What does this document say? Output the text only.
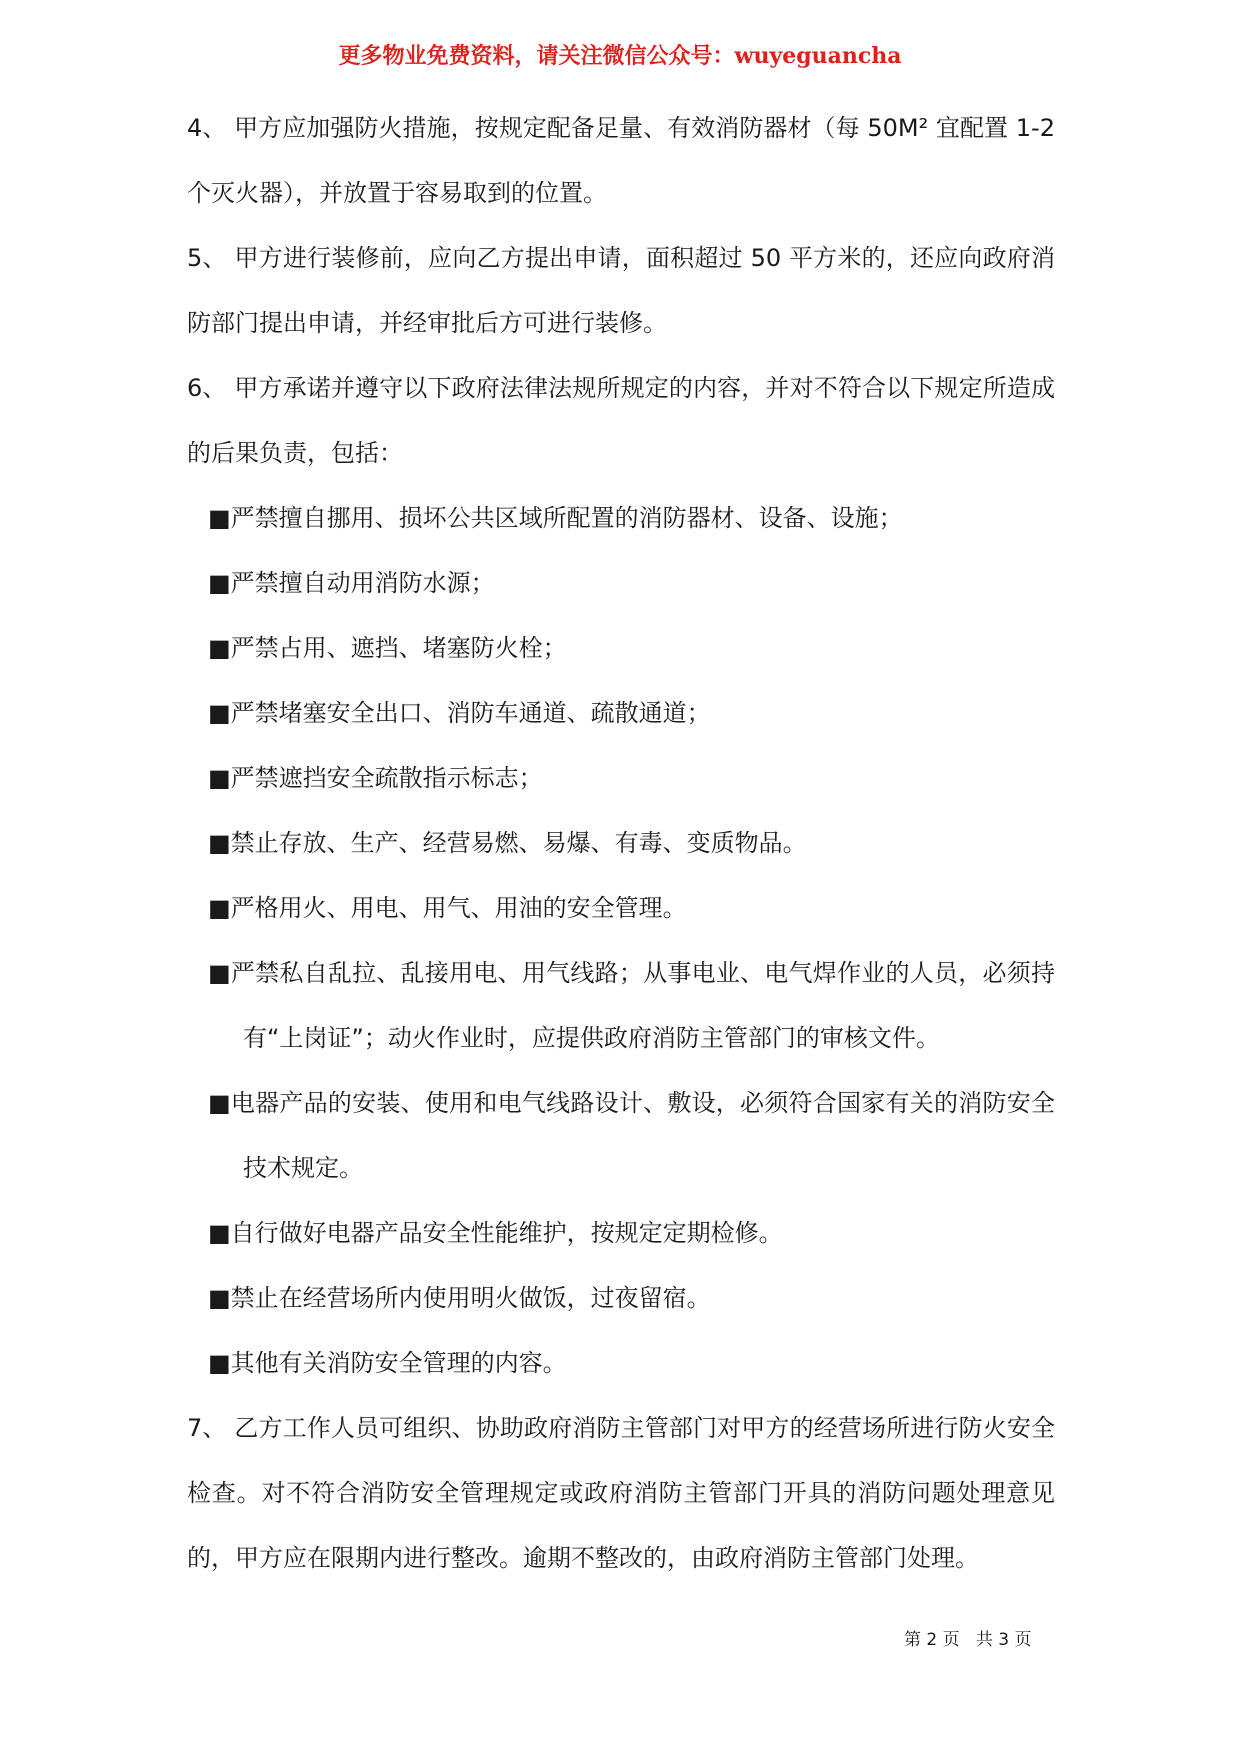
更多物业免费资料，请关注微信公众号：wuyeguancha

4、 甲方应加强防火措施，按规定配备足量、有效消防器材（每 50M² 宜配置 1-2 个灭火器），并放置于容易取到的位置。

5、 甲方进行装修前，应向乙方提出申请，面积超过 50 平方米的，还应向政府消防部门提出申请，并经审批后方可进行装修。

6、 甲方承诺并遵守以下政府法律法规所规定的内容，并对不符合以下规定所造成的后果负责，包括：

■严禁擅自挪用、损坏公共区域所配置的消防器材、设备、设施；

■严禁擅自动用消防水源；

■严禁占用、遮挡、堵塞防火栓；

■严禁堵塞安全出口、消防车通道、疏散通道；

■严禁遮挡安全疏散指示标志；

■禁止存放、生产、经营易燃、易爆、有毒、变质物品。

■严格用火、用电、用气、用油的安全管理。

■严禁私自乱拉、乱接用电、用气线路；从事电业、电气焊作业的人员，必须持有“上岗证”；动火作业时，应提供政府消防主管部门的审核文件。

■电器产品的安装、使用和电气线路设计、敷设，必须符合国家有关的消防安全技术规定。

■自行做好电器产品安全性能维护，按规定定期检修。

■禁止在经营场所内使用明火做饭，过夜留宿。

■其他有关消防安全管理的内容。

7、 乙方工作人员可组织、协助政府消防主管部门对甲方的经营场所进行防火安全检查。对不符合消防安全管理规定或政府消防主管部门开具的消防问题处理意见的，甲方应在限期内进行整改。逾期不整改的，由政府消防主管部门处理。

第 2 页   共 3 页
